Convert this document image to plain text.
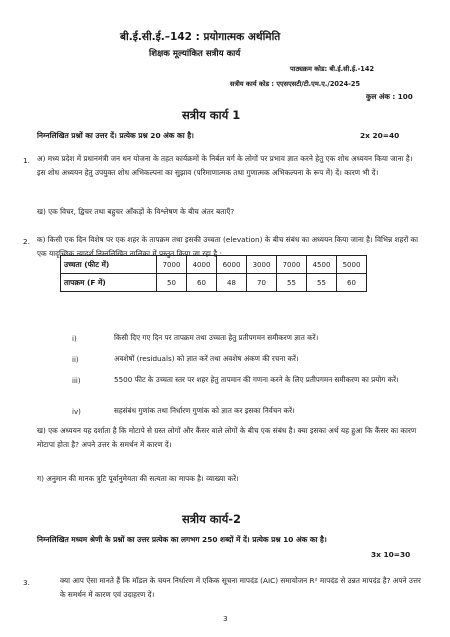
बी.ई.सी.ई.–142 : प्रयोगात्मक अर्थमिति
शिक्षक मूल्यांकित सत्रीय कार्य
पाठ्यक्रम कोड: बी.ई.सी.ई.-142
सत्रीय कार्य कोड : एएसएसटी/टी.एम.ए./2024-25
कुल अंक : 100
सत्रीय कार्य 1
निम्नलिखित प्रश्नों का उत्तर दें। प्रत्येक प्रश्न 20 अंक का है।	2x 20=40
1. अ) मध्य प्रदेश में प्रधानमंत्री जन धन योजना के तहत कार्यक्रमों के निर्बल वर्ग के लोगों पर प्रभाव ज्ञात करने हेतु एक शोध अध्ययन किया जाना है। इस शोध अध्ययन हेतु उपयुक्त शोध अभिकल्पना का सुझाव (परिमाणात्मक तथा गुणात्मक अभिकल्पना के रूप में) दें। कारण भी दें।
ख) एक विचर, द्विचर तथा बहुचर आँकड़ों के विश्लेषण के बीच अंतर बताएँ?
2. क) किसी एक दिन विशेष पर एक शहर के तापक्रम तथा इसकी उच्चता (elevation) के बीच संबंध का अध्ययन किया जाना है। विभिन्न शहरों का एक यादृच्छिक न्यादर्श निम्नलिखित तालिका में प्रस्तुत किया जा रहा है :
उच्चता (फीट में)	7000	4000	6000	3000	7000	4500	5000
तापक्रम (F में)	50	60	48	70	55	55	60
i)	किसी दिए गए दिन पर तापक्रम तथा उच्चता हेतु प्रतीपगमन समीकरण ज्ञात करें।
ii)	अवशेषों (residuals) को ज्ञात करें तथा अवशेष अंकण की रचना करें।
iii)	5500 फीट के उच्चता स्तर पर शहर हेतु तापमान की गणना करने के लिए प्रतीपगमन समीकरण का प्रयोग करें।
iv)	सहसंबंध गुणांक तथा निर्धारण गुणांक को ज्ञात कर इसका निर्वचन करें।
ख) एक अध्ययन यह दर्शाता है कि मोटापे से ग्रस्त लोगों और कैंसर वाले लोगों के बीच एक संबंध है। क्या इसका अर्थ यह हुआ कि कैंसर का कारण मोटापा होता है? अपने उत्तर के समर्थन में कारण दें।
ग) अनुमान की मानक त्रुटि पूर्वानुमेयता की सत्यता का मापक है। व्याख्या करें।
सत्रीय कार्य-2
निम्नलिखित मध्यम श्रेणी के प्रश्नों का उत्तर प्रत्येक का लगभग 250 शब्दों में दें। प्रत्येक प्रश्न 10 अंक का है।
3x 10=30
3.	क्या आप ऐसा मानते हैं कि मॉडल के चयन निर्धारण में एकिक सूचना मापदंड (AIC) समायोजन R² मापदंड से उन्नत मापदंड है? अपने उत्तर के समर्थन में कारण एवं उदाहरण दें।
3
